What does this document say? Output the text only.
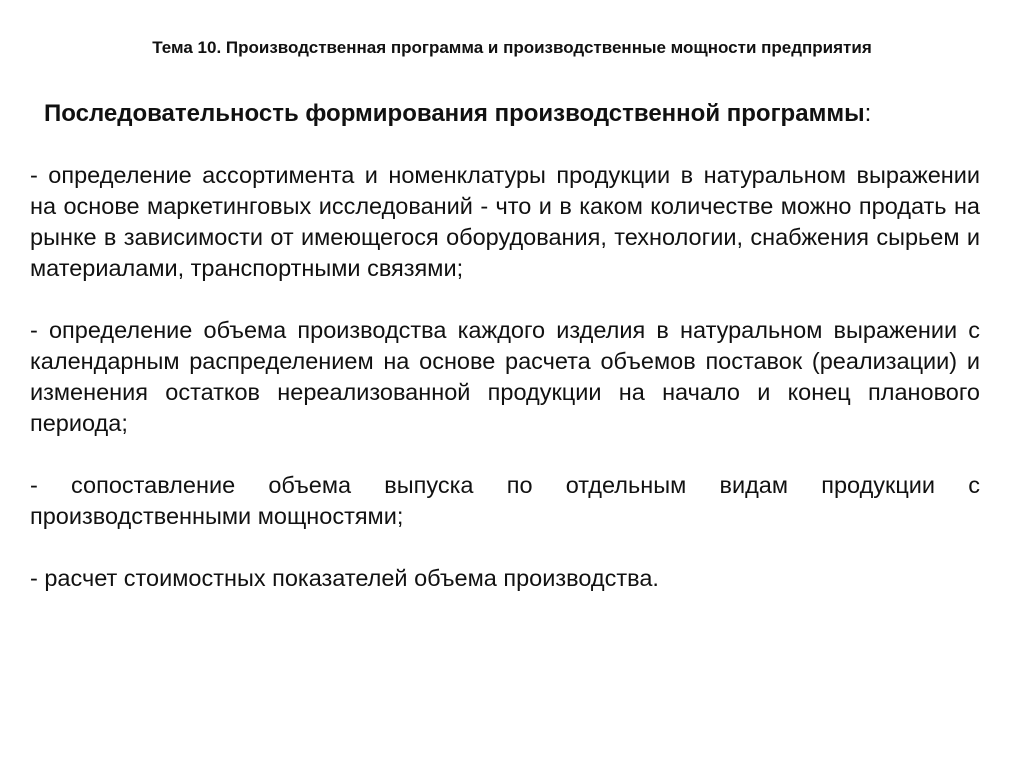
Тема 10. Производственная программа и производственные мощности предприятия
Последовательность формирования производственной программы:

- определение ассортимента и номенклатуры продукции в натуральном выражении на основе маркетинговых исследований - что и в каком количестве можно продать на рынке в зависимости от имеющегося оборудования, технологии, снабжения сырьем и материалами, транспортными связями;

- определение объема производства каждого изделия в натуральном выражении с календарным распределением на основе расчета объемов поставок (реализации) и изменения остатков нереализованной продукции на начало и конец планового периода;

- сопоставление объема выпуска по отдельным видам продукции с производственными мощностями;

- расчет стоимостных показателей объема производства.
